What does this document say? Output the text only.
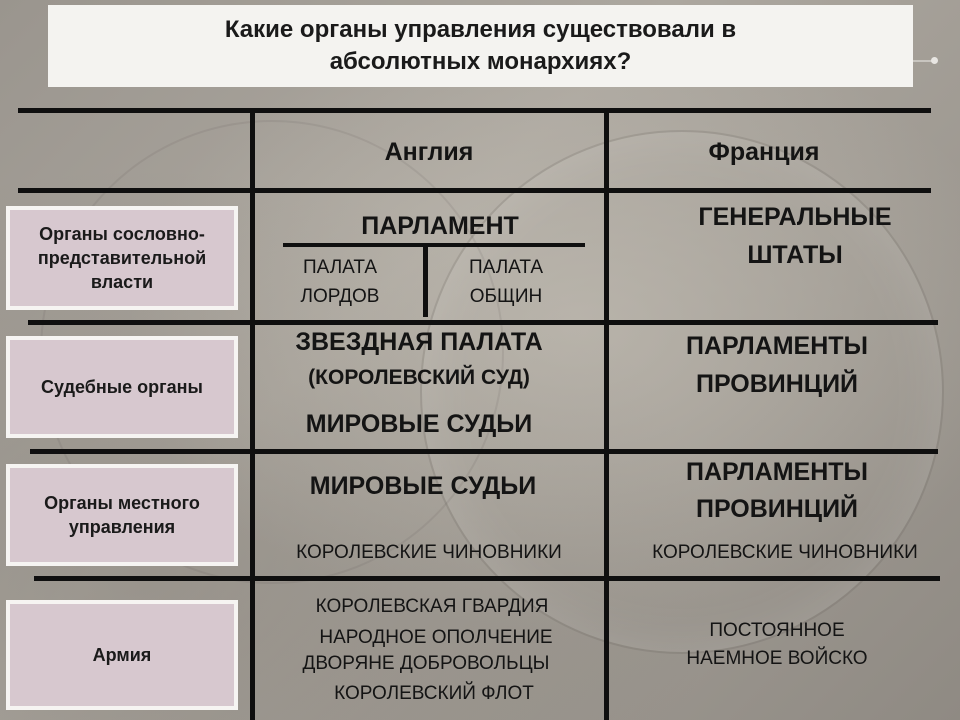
Какие органы управления существовали в
абсолютных монархиях?
Англия	Франция
Органы сословно-представительной власти
Судебные органы
Органы местного управления
Армия
ПАРЛАМЕНТ
ПАЛАТА
ЛОРДОВ
ПАЛАТА
ОБЩИН
ГЕНЕРАЛЬНЫЕ
ШТАТЫ
ЗВЕЗДНАЯ ПАЛАТА
(КОРОЛЕВСКИЙ СУД)
МИРОВЫЕ СУДЬИ
ПАРЛАМЕНТЫ
ПРОВИНЦИЙ
МИРОВЫЕ СУДЬИ
КОРОЛЕВСКИЕ ЧИНОВНИКИ
ПАРЛАМЕНТЫ
ПРОВИНЦИЙ
КОРОЛЕВСКИЕ ЧИНОВНИКИ
КОРОЛЕВСКАЯ ГВАРДИЯ
НАРОДНОЕ ОПОЛЧЕНИЕ
ДВОРЯНЕ ДОБРОВОЛЬЦЫ
КОРОЛЕВСКИЙ ФЛОТ
ПОСТОЯННОЕ
НАЕМНОЕ ВОЙСКО
